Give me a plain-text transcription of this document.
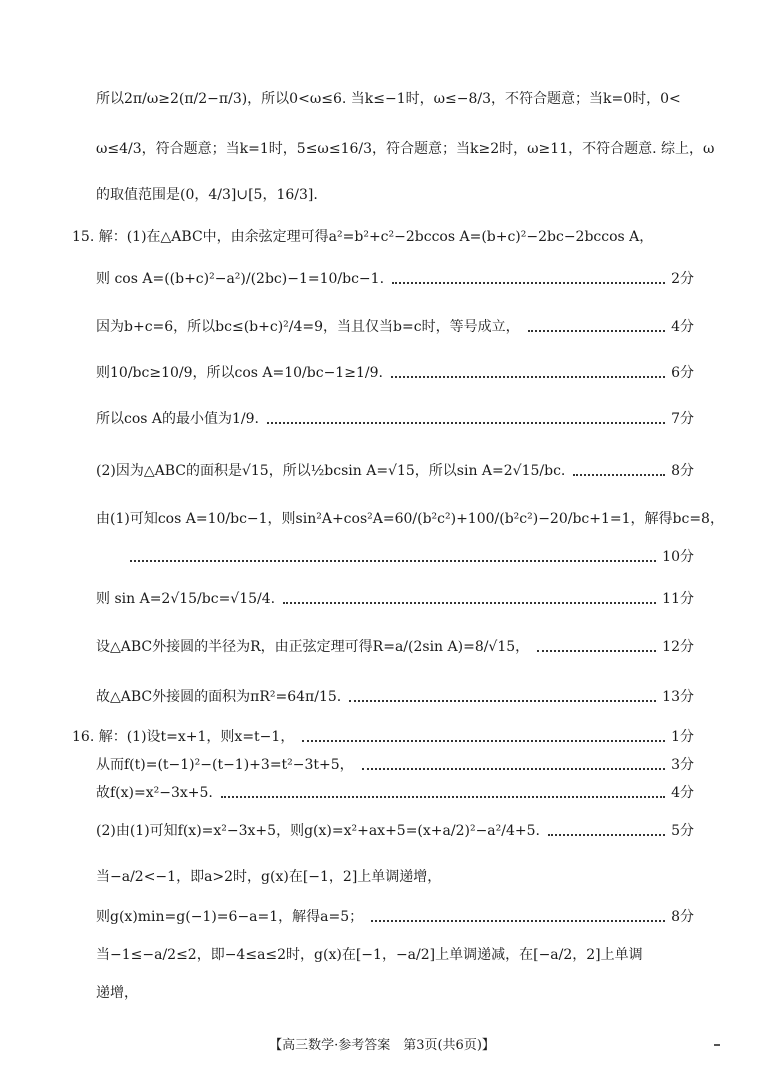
所以2π/ω≥2(π/2−π/3)，所以0<ω≤6. 当k≤−1时，ω≤−8/3，不符合题意；当k=0时，0<
ω≤4/3，符合题意；当k=1时，5≤ω≤16/3，符合题意；当k≥2时，ω≥11，不符合题意. 综上，ω
的取值范围是(0，4/3]∪[5，16/3].
15. 解：(1)在△ABC中，由余弦定理可得a²=b²+c²−2bccos A=(b+c)²−2bc−2bccos A，
则 cos A=((b+c)²−a²)/(2bc)−1=10/bc−1.	2分
因为b+c=6，所以bc≤(b+c)²/4=9，当且仅当b=c时，等号成立，	4分
则10/bc≥10/9，所以cos A=10/bc−1≥1/9.	6分
所以cos A的最小值为1/9.	7分
(2)因为△ABC的面积是√15，所以½bcsin A=√15，所以sin A=2√15/bc.	8分
由(1)可知cos A=10/bc−1，则sin²A+cos²A=60/(b²c²)+100/(b²c²)−20/bc+1=1，解得bc=8，
10分
则 sin A=2√15/bc=√15/4.	11分
设△ABC外接圆的半径为R，由正弦定理可得R=a/(2sin A)=8/√15，	12分
故△ABC外接圆的面积为πR²=64π/15.	13分
16. 解：(1)设t=x+1，则x=t−1，	1分
从而f(t)=(t−1)²−(t−1)+3=t²−3t+5，	3分
故f(x)=x²−3x+5.	4分
(2)由(1)可知f(x)=x²−3x+5，则g(x)=x²+ax+5=(x+a/2)²−a²/4+5.	5分
当−a/2<−1，即a>2时，g(x)在[−1，2]上单调递增，
则g(x)min=g(−1)=6−a=1，解得a=5；	8分
当−1≤−a/2≤2，即−4≤a≤2时，g(x)在[−1，−a/2]上单调递减，在[−a/2，2]上单调
递增，
【高三数学·参考答案　第3页(共6页)】
